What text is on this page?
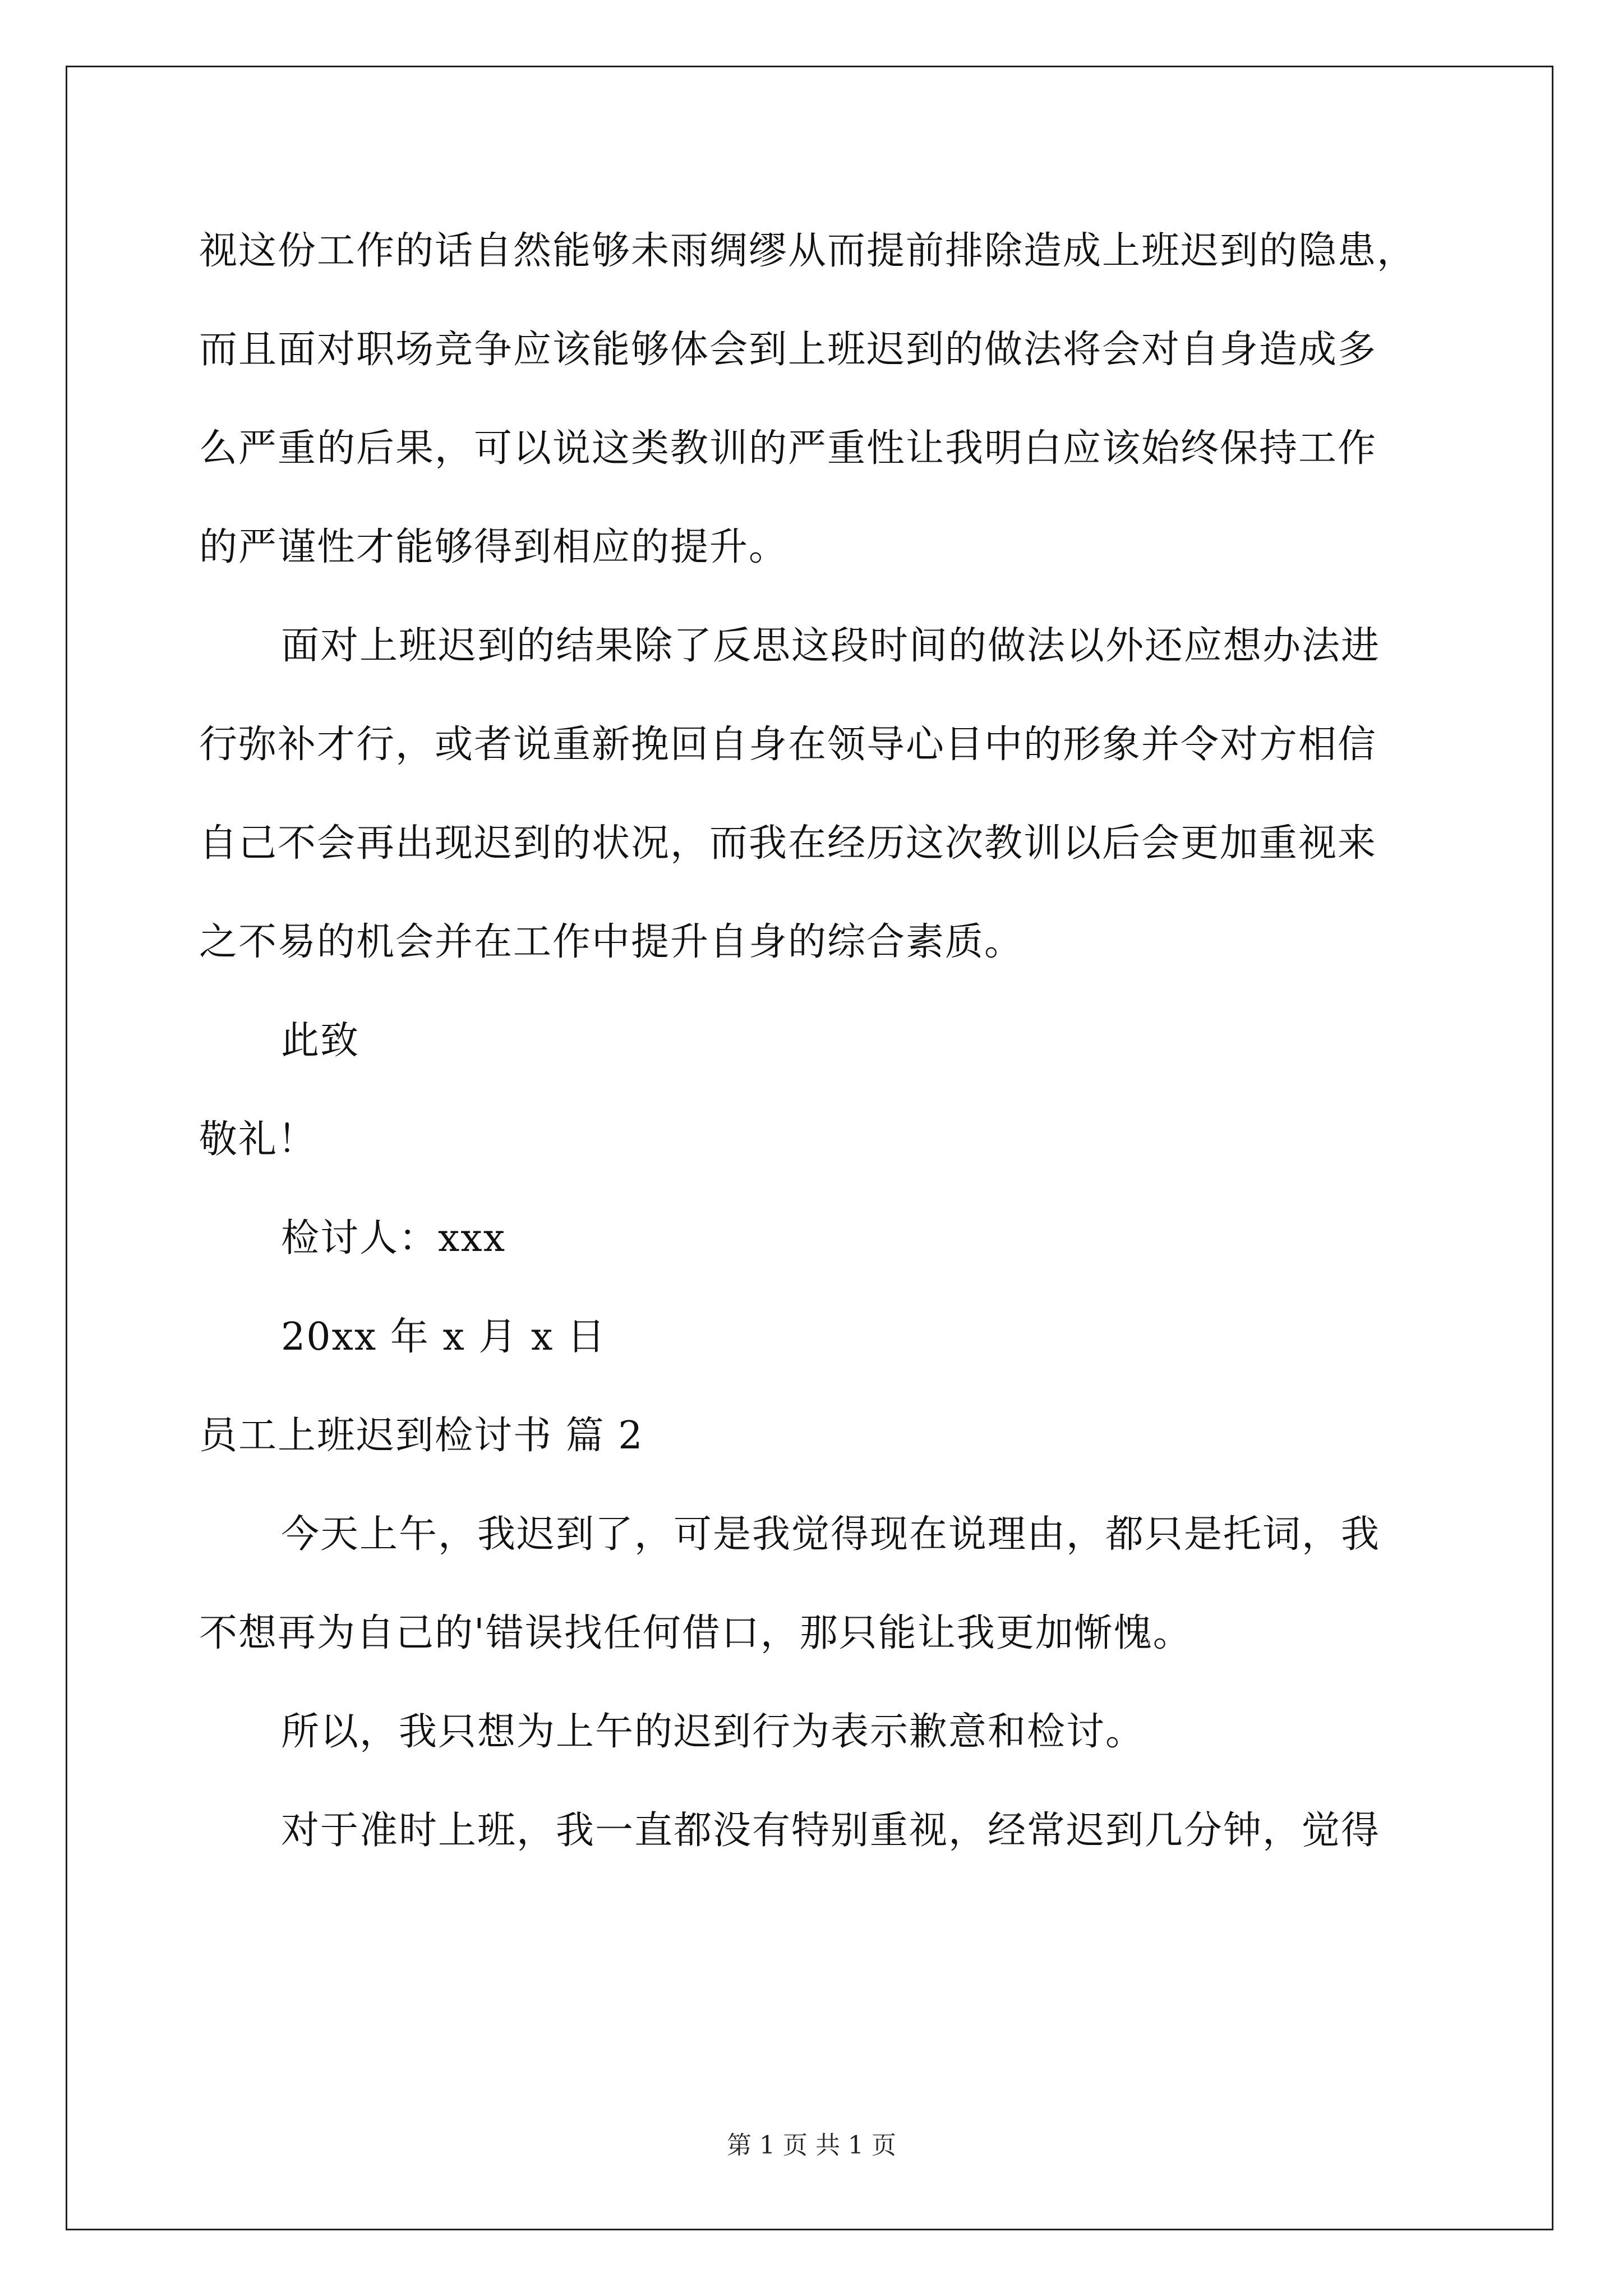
视这份工作的话自然能够未雨绸缪从而提前排除造成上班迟到的隐患，
而且面对职场竞争应该能够体会到上班迟到的做法将会对自身造成多
么严重的后果，可以说这类教训的严重性让我明白应该始终保持工作
的严谨性才能够得到相应的提升。
面对上班迟到的结果除了反思这段时间的做法以外还应想办法进
行弥补才行，或者说重新挽回自身在领导心目中的形象并令对方相信
自己不会再出现迟到的状况，而我在经历这次教训以后会更加重视来
之不易的机会并在工作中提升自身的综合素质。
此致
敬礼！
检讨人：xxx
20xx 年 x 月 x 日
员工上班迟到检讨书 篇 2
今天上午，我迟到了，可是我觉得现在说理由，都只是托词，我
不想再为自己的'错误找任何借口，那只能让我更加惭愧。
所以，我只想为上午的迟到行为表示歉意和检讨。
对于准时上班，我一直都没有特别重视，经常迟到几分钟，觉得
第 1 页 共 1 页
